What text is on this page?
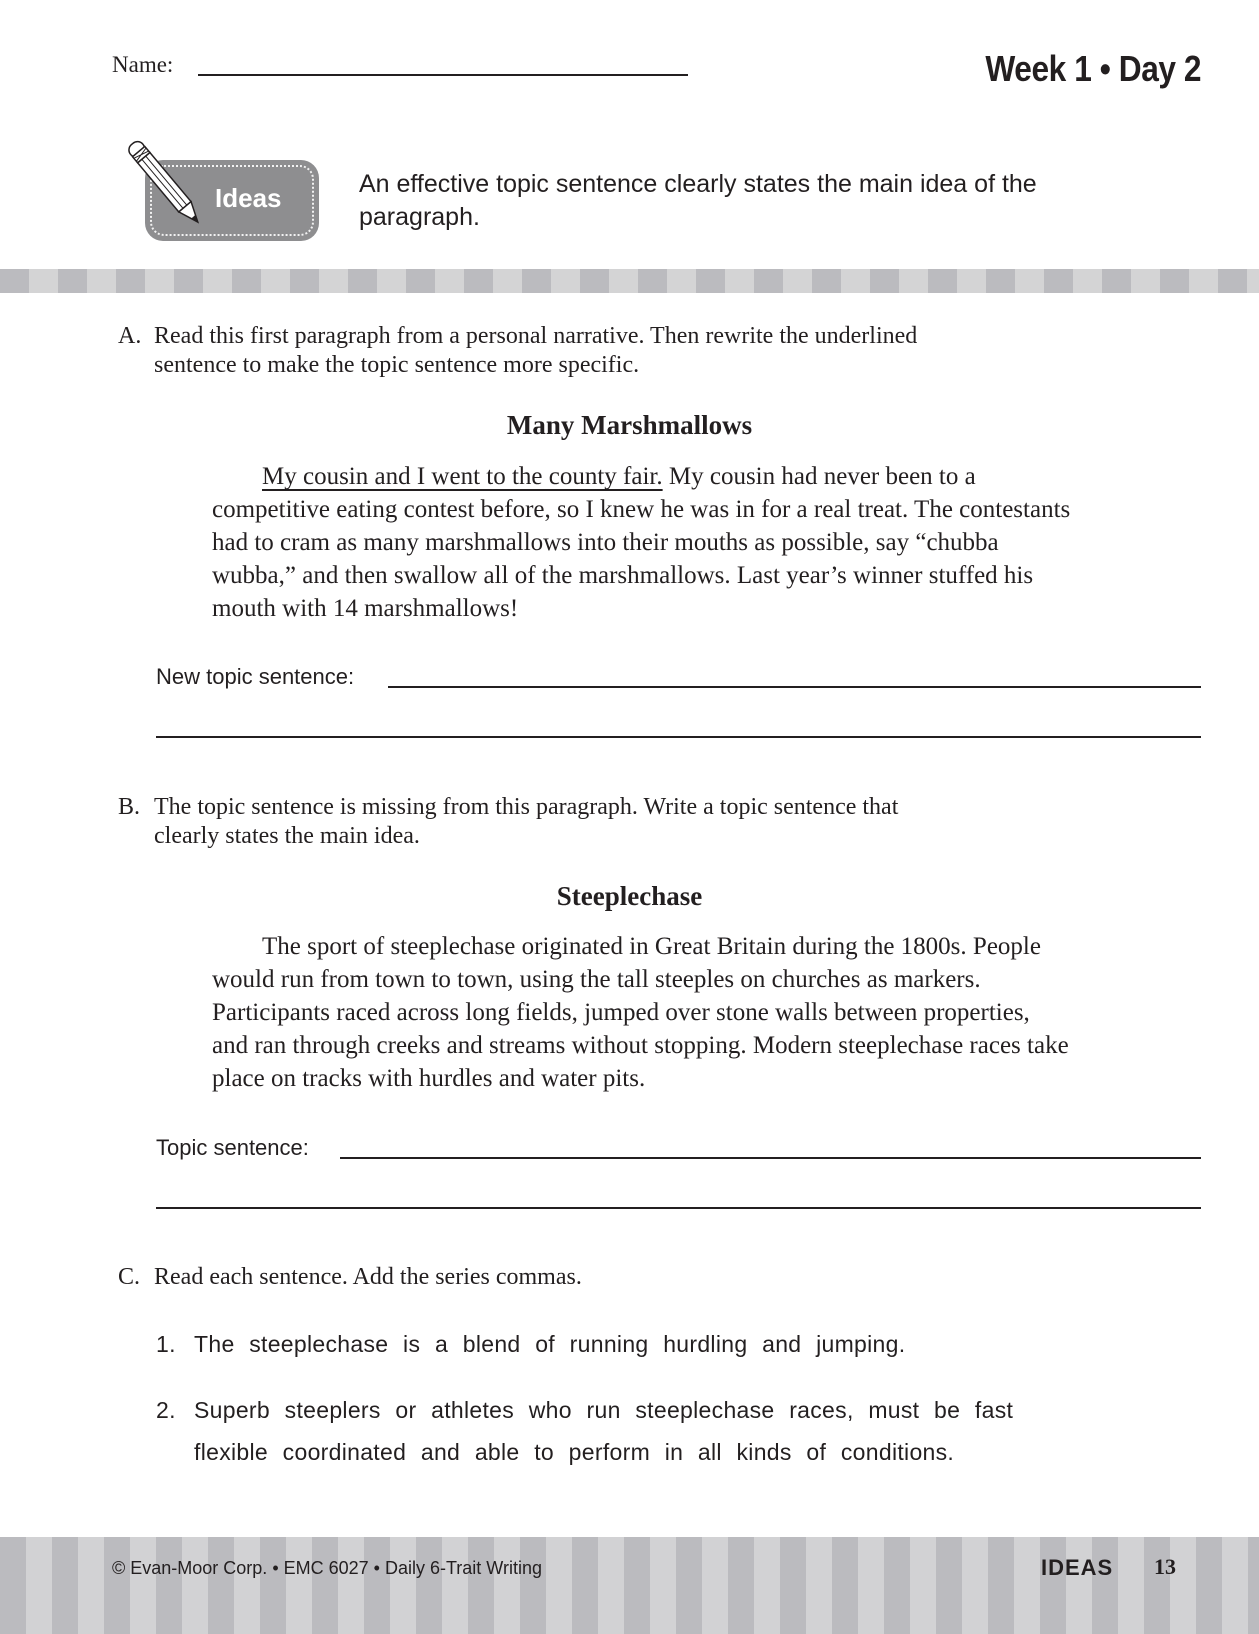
Name:	Week 1 • Day 2
Ideas	An effective topic sentence clearly states the main idea of the paragraph.
A. Read this first paragraph from a personal narrative. Then rewrite the underlined
sentence to make the topic sentence more specific.
Many Marshmallows
My cousin and I went to the county fair. My cousin had never been to a competitive eating contest before, so I knew he was in for a real treat. The contestants had to cram as many marshmallows into their mouths as possible, say “chubba wubba,” and then swallow all of the marshmallows. Last year’s winner stuffed his mouth with 14 marshmallows!
New topic sentence:
B. The topic sentence is missing from this paragraph. Write a topic sentence that
clearly states the main idea.
Steeplechase
The sport of steeplechase originated in Great Britain during the 1800s. People would run from town to town, using the tall steeples on churches as markers. Participants raced across long fields, jumped over stone walls between properties, and ran through creeks and streams without stopping. Modern steeplechase races take place on tracks with hurdles and water pits.
Topic sentence:
C. Read each sentence. Add the series commas.
1. The steeplechase is a blend of running hurdling and jumping.
2. Superb steeplers or athletes who run steeplechase races, must be fast
flexible coordinated and able to perform in all kinds of conditions.
© Evan-Moor Corp. • EMC 6027 • Daily 6-Trait Writing	IDEAS 13
